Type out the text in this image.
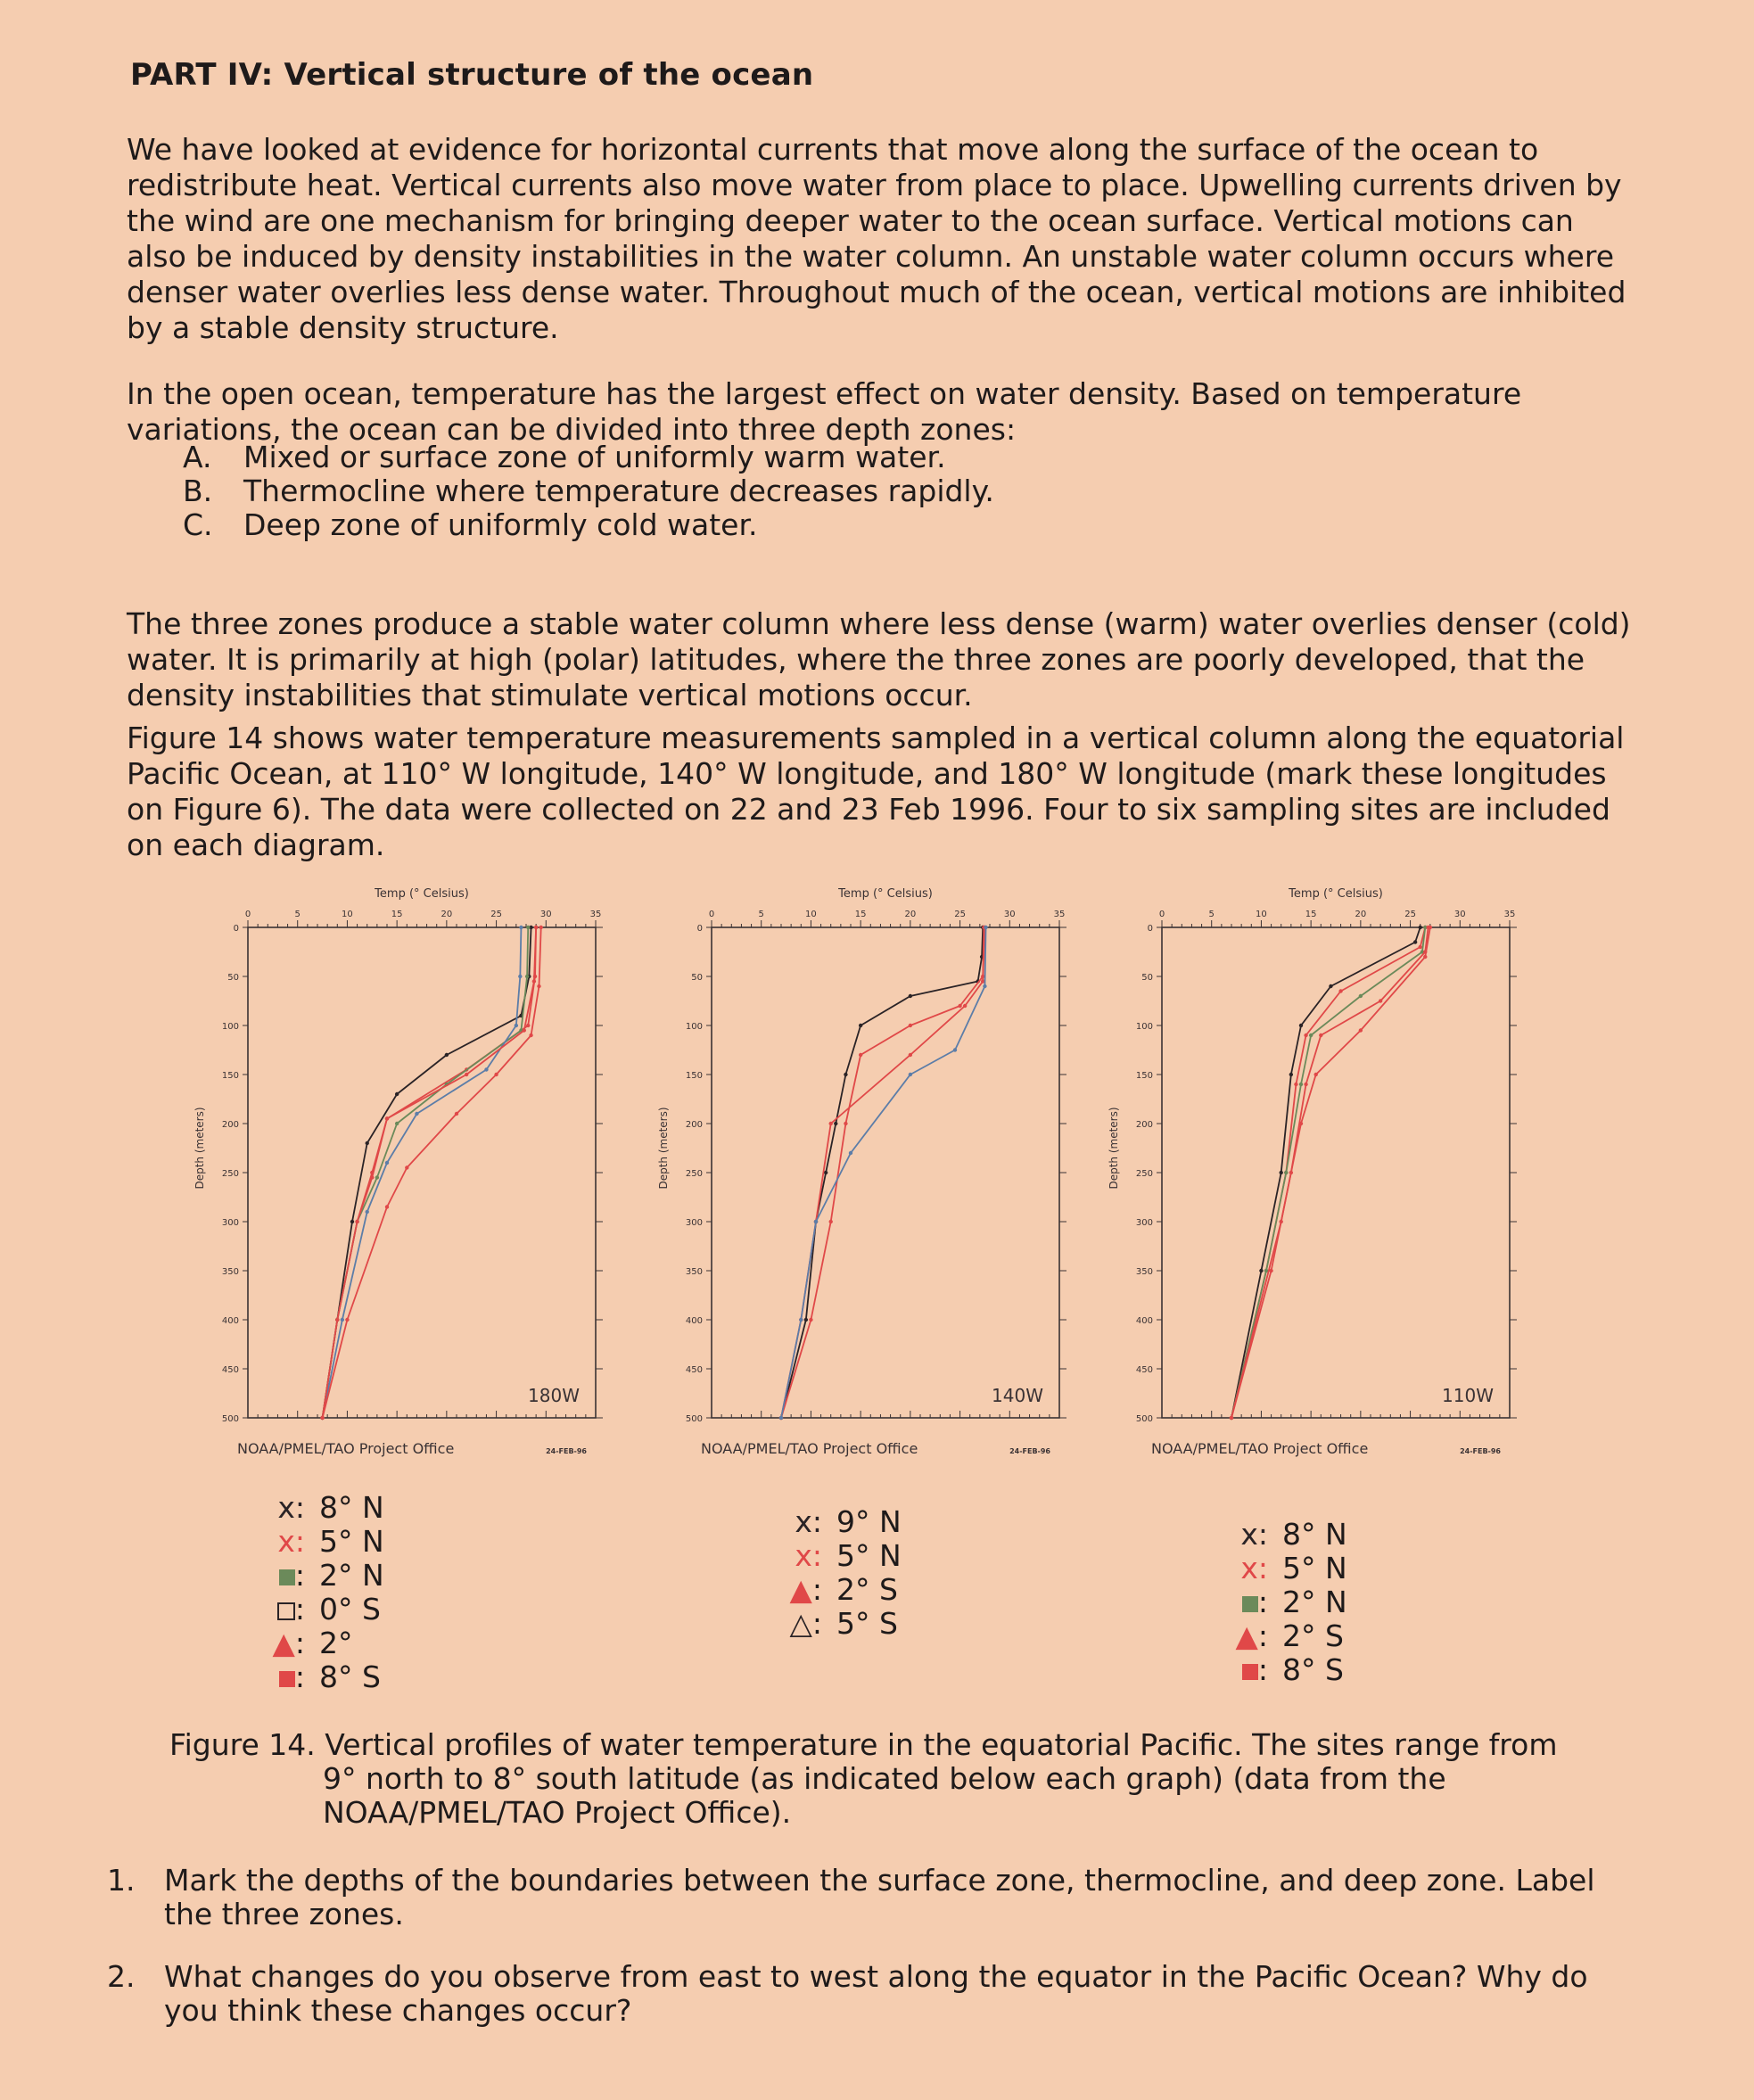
PART IV: Vertical structure of the ocean

We have looked at evidence for horizontal currents that move along the surface of the ocean to redistribute heat. Vertical currents also move water from place to place. Upwelling currents driven by the wind are one mechanism for bringing deeper water to the ocean surface. Vertical motions can also be induced by density instabilities in the water column. An unstable water column occurs where denser water overlies less dense water. Throughout much of the ocean, vertical motions are inhibited by a stable density structure.

In the open ocean, temperature has the largest effect on water density. Based on temperature variations, the ocean can be divided into three depth zones:

A. Mixed or surface zone of uniformly warm water.
B. Thermocline where temperature decreases rapidly.
C. Deep zone of uniformly cold water.

The three zones produce a stable water column where less dense (warm) water overlies denser (cold) water. It is primarily at high (polar) latitudes, where the three zones are poorly developed, that the density instabilities that stimulate vertical motions occur.

Figure 14 shows water temperature measurements sampled in a vertical column along the equatorial Pacific Ocean, at 110° W longitude, 140° W longitude, and 180° W longitude (mark these longitudes on Figure 6). The data were collected on 22 and 23 Feb 1996. Four to six sampling sites are included on each diagram.

Temp (° Celsius)
0	5	10	15	20	25	30	35
0
50
100
150
200
250
300
350
400
450
500
Depth (meters)
180W
NOAA/PMEL/TAO Project Office	24-FEB-96
Temp (° Celsius)
0	5	10	15	20	25	30	35
0
50
100
150
200
250
300
350
400
450
500
Depth (meters)
140W
NOAA/PMEL/TAO Project Office	24-FEB-96
Temp (° Celsius)
0	5	10	15	20	25	30	35
0
50
100
150
200
250
300
350
400
450
500
Depth (meters)
110W
NOAA/PMEL/TAO Project Office	24-FEB-96
x: 8° N
x: 5° N
: 2° N
: 0° S
▲: 2°
: 8° S
x: 9° N
x: 5° N
▲: 2° S
△: 5° S
x: 8° N
x: 5° N
: 2° N
▲: 2° S
: 8° S
Figure 14. Vertical profiles of water temperature in the equatorial Pacific. The sites range from
9° north to 8° south latitude (as indicated below each graph) (data from the NOAA/PMEL/TAO Project Office).
1. Mark the depths of the boundaries between the surface zone, thermocline, and deep zone. Label the three zones.
2. What changes do you observe from east to west along the equator in the Pacific Ocean? Why do you think these changes occur?
